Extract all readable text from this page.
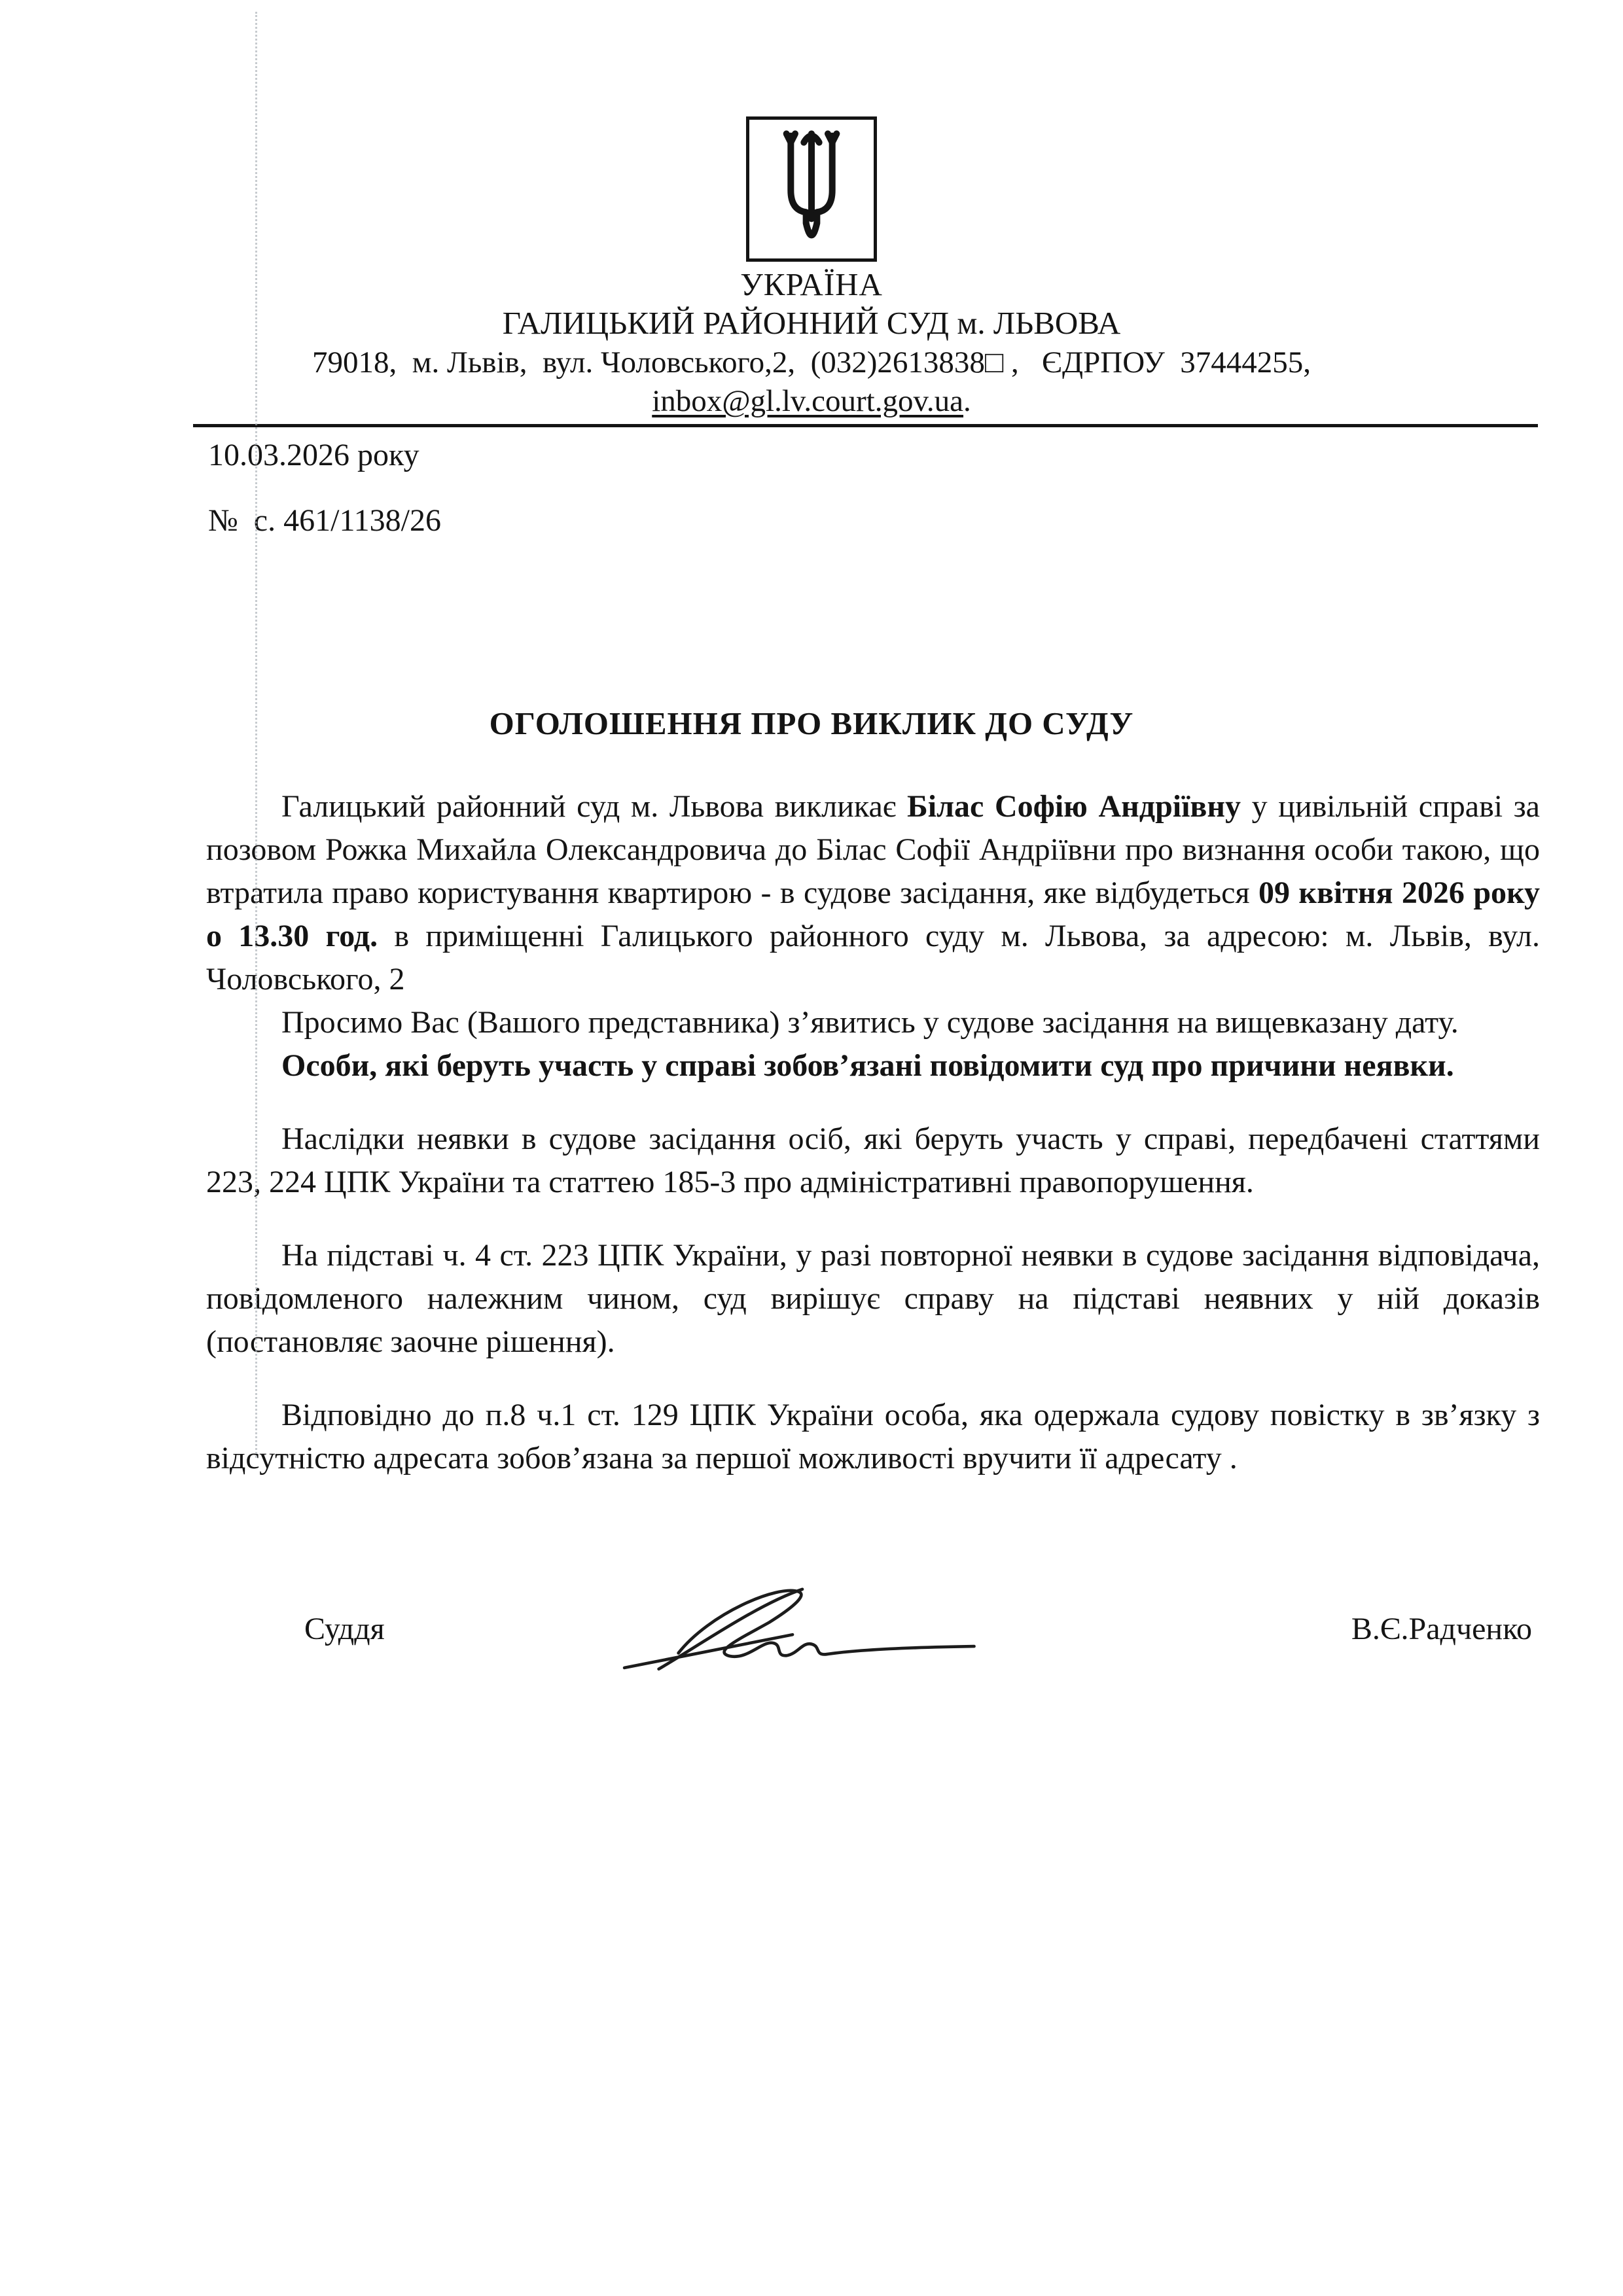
УКРАЇНА
ГАЛИЦЬКИЙ РАЙОННИЙ СУД м. ЛЬВОВА
79018,  м. Львів,  вул. Чоловського,2,  (032)2613838□ ,   ЄДРПОУ  37444255,
inbox@gl.lv.court.gov.ua.
10.03.2026 року
№  с. 461/1138/26
ОГОЛОШЕННЯ ПРО ВИКЛИК ДО СУДУ

Галицький районний суд м. Львова викликає Білас Софію Андріївну у цивільній справі за позовом Рожка Михайла Олександровича до Білас Софії Андріївни про визнання особи такою, що втратила право користування квартирою - в судове засідання, яке відбудеться 09 квітня 2026 року о 13.30 год. в приміщенні Галицького районного суду м. Львова, за адресою: м. Львів, вул. Чоловського, 2

Просимо Вас (Вашого представника) з’явитись у судове засідання на вищевказану дату.

Особи, які беруть участь у справі зобов’язані повідомити суд про причини неявки.

Наслідки неявки в судове засідання осіб, які беруть участь у справі, передбачені статтями 223, 224 ЦПК України та статтею 185-3 про адміністративні правопорушення.

На підставі ч. 4 ст. 223 ЦПК України, у разі повторної неявки в судове засідання відповідача, повідомленого належним чином, суд вирішує справу на підставі неявних у ній доказів (постановляє заочне рішення).

Відповідно до п.8 ч.1 ст. 129 ЦПК України особа, яка одержала судову повістку в зв’язку з відсутністю адресата зобов’язана за першої можливості вручити її адресату .

Суддя	В.Є.Радченко
